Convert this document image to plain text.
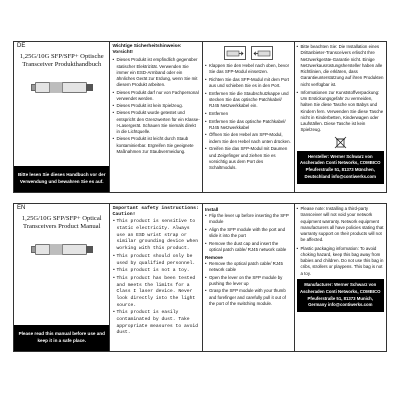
DE
1,25G/10G SFP/SFP+ Optische Transceiver Produkthandbuch
Bitte lesen Sie dieses Handbuch vor der Verwendung und bewahren Sie es auf.
Wichtige Sicherheitshinweise: Vorsicht!
• Dieses Produkt ist empfindlich gegenüber statischer Elektrizität. Verwenden Sie immer ein ESD-Armband oder ein ähnliches Gerät zur Erdung, wenn Sie mit diesem Produkt arbeiten.
• Dieses Produkt darf nur von Fachpersonal verwendet werden.
• Dieses Produkt ist kein Spielzeug.
• Dieses Produkt wurde getestet und entspricht den Grenzwerten für ein Klasse-I-Lasergerät. Schauen Sie niemals direkt in die Lichtquelle.
• Dieses Produkt ist leicht durch Staub kontaminierbar. Ergreifen Sie geeignete Maßnahmen zur Staubvermeidung.
• Klappen Sie den Hebel nach oben, bevor Sie das SFP-Modul einsetzen.
• Richten Sie das SFP-Modul mit dem Port aus und schieben Sie es in den Port.
• Entfernen Sie die Staubschutzkappe und stecken Sie das optische Patchkabel/ RJ45 Netzwerkkabel ein.
• Entfernen
• Entfernen Sie das optische Patchkabel/ RJ45 Netzwerkkabel
• Öffnen Sie den Hebel am SFP-Modul, indem Sie den Hebel nach unten drücken.
• Greifen Sie das SFP-Modul mit Daumen und Zeigefinger und ziehen Sie es vorsichtig aus dem Port des Schaltmoduls.
• Bitte beachten Sie: Die Installation eines Drittanbieter-Transceivers erlischt Ihre Netzwerkgeräte-Garantie nicht. Einige Netzwerkausrüstungshersteller haben alle Richtlinien, die erklären, dass Garantieunterstützung auf ihren Produkten nicht verfügbar ist.
• Informationen zur Kunststoffverpackung: Um Erstickungsgefahr zu vermeiden, halten Sie diese Tasche von Babys und Kindern fern. Verwenden Sie diese Tasche nicht in Kinderbetten, Kinderwagen oder Laufställen. Diese Tasche ist kein Spielzeug.
Hersteller: Werner Schwarz von Ascheraden Conti Networks, COMBICO Pfeuferstraße 51, 81373 München, Deutschland info@contiwerks.com
EN
1,25G/10G SFP/SFP+ Optical Transceivers Product Manual
Please read this manual before use and keep it in a safe place.
Important safety instructions: Caution!
• This product is sensitive to static electricity. Always use an ESD wrist strap or similar grounding device when working with this product.
• This product should only be used by qualified personnel.
• This product is not a toy.
• This product has been tested and meets the limits for a Class I laser device. Never look directly into the light source.
• This product is easily contaminated by dust. Take appropriate measures to avoid dust.
Install
• Flip the lever up before inserting the SFP module
• Align the SFP module with the port and slide it into the port
• Remove the dust cap and insert the optical patch cable/ RJ45 network cable
Remove
• Remove the optical patch cable/ RJ45 network cable
• Open the lever on the SFP module by pushing the lever up
• Grasp the SFP module with your thumb and forefinger and carefully pull it out of the port of the switching module.
• Please note: Installing a third-party transceiver will not void your network equipment warranty. Network equipment manufacturers all have policies stating that warranty support on their products will not be affected.
• Plastic packaging information: To avoid choking hazard, keep this bag away from babies and children. Do not use this bag in cribs, strollers or playpens. This bag is not a toy.
Manufacturer: Werner Schwarz von Ascheraden Conti Networks, COMBICO Pfeuferstraße 51, 81373 Munich, Germany info@contiwerks.com
